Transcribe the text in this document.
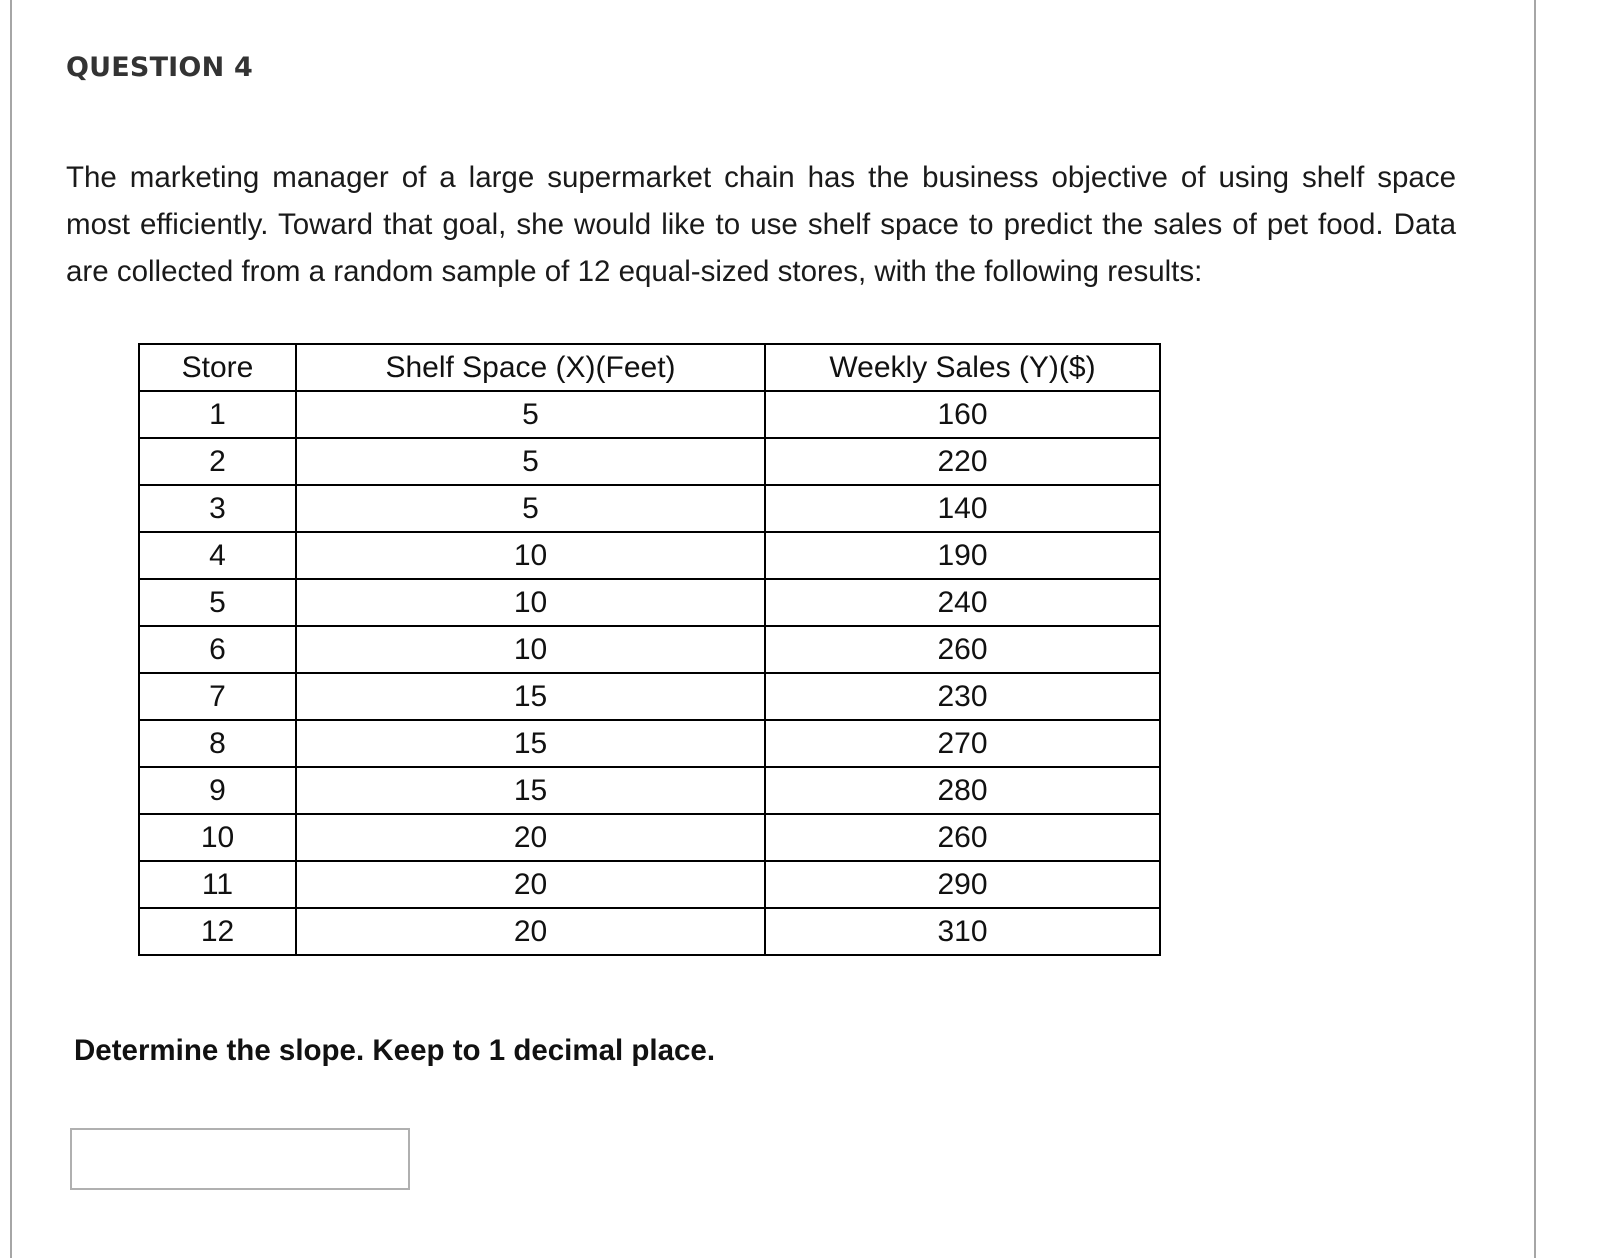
QUESTION 4
The marketing manager of a large supermarket chain has the business objective of using shelf space most efficiently. Toward that goal, she would like to use shelf space to predict the sales of pet food. Data are collected from a random sample of 12 equal-sized stores, with the following results:
Store	Shelf Space (X)(Feet)	Weekly Sales (Y)($)
1	5	160
2	5	220
3	5	140
4	10	190
5	10	240
6	10	260
7	15	230
8	15	270
9	15	280
10	20	260
11	20	290
12	20	310
Determine the slope. Keep to 1 decimal place.
